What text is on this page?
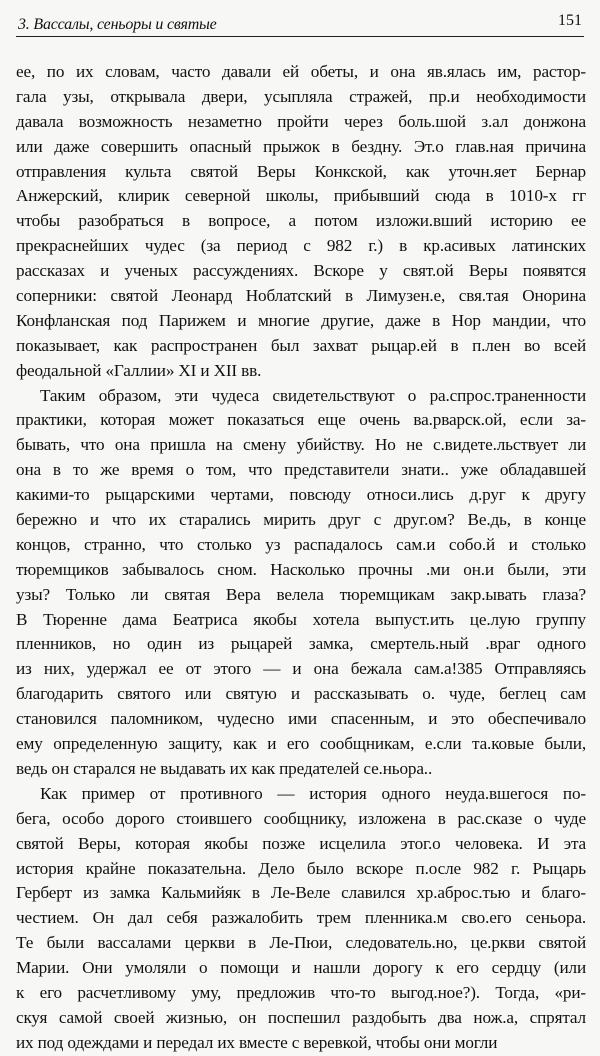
3. Вассалы, сеньоры и святые	151
ее, по их словам, часто давали ей обеты, и она яв.ялась им, растор-
гала узы, открывала двери, усыпляла стражей, пр.и необходимости
давала возможность незаметно пройти через боль.шой з.ал донжона
или даже совершить опасный прыжок в бездну. Эт.о глав.ная причина
отправления культа святой Веры Конкской, как уточн.яет Бернар
Анжерский, клирик северной школы, прибывший сюда в 1010-х гг
чтобы разобраться в вопросе, а потом изложи.вший историю ее
прекраснейших чудес (за период с 982 г.) в кр.асивых латинских
рассказах и ученых рассуждениях. Вскоре у свят.ой Веры появятся
соперники: святой Леонард Ноблатский в Лимузен.е, свя.тая Онорина
Конфланская под Парижем и многие другие, даже в Нор мандии, что
показывает, как распространен был захват рыцар.ей в п.лен во всей
феодальной «Галлии» XI и XII вв.
Таким образом, эти чудеса свидетельствуют о ра.спрос.траненности
практики, которая может показаться еще очень ва.рварск.ой, если за-
бывать, что она пришла на смену убийству. Но не с.видете.льствует ли
она в то же время о том, что представители знати.. уже обладавшей
какими-то рыцарскими чертами, повсюду относи.лись д.руг к другу
бережно и что их старались мирить друг с друг.ом? Ве.дь, в конце
концов, странно, что столько уз распадалось сам.и собо.й и столько
тюремщиков забывалось сном. Насколько прочны .ми он.и были, эти
узы? Только ли святая Вера велела тюремщикам закр.ывать глаза?
В Тюренне дама Беатриса якобы хотела выпуст.ить це.лую группу
пленников, но один из рыцарей замка, смертель.ный .враг одного
из них, удержал ее от этого — и она бежала сам.а!385 Отправляясь
благодарить святого или святую и рассказывать о. чуде, беглец сам
становился паломником, чудесно ими спасенным, и это обеспечивало
ему определенную защиту, как и его сообщникам, е.сли та.ковые были,
ведь он старался не выдавать их как предателей се.ньора..
Как пример от противного — история одного неуда.вшегося по-
бега, особо дорого стоившего сообщнику, изложена в рас.сказе о чуде
святой Веры, которая якобы позже исцелила этог.о человека. И эта
история крайне показательна. Дело было вскоре п.осле 982 г. Рыцарь
Герберт из замка Кальмийяк в Ле-Веле славился хр.аброс.тью и благо-
честием. Он дал себя разжалобить трем пленника.м сво.его сеньора.
Те были вассалами церкви в Ле-Пюи, следователь.но, це.ркви святой
Марии. Они умоляли о помощи и нашли дорогу к его сердцу (или
к его расчетливому уму, предложив что-то выгод.ное?). Тогда, «ри-
скуя самой своей жизнью, он поспешил раздобыть два нож.а, спрятал
их под одеждами и передал их вместе с веревкой, чтобы они могли
